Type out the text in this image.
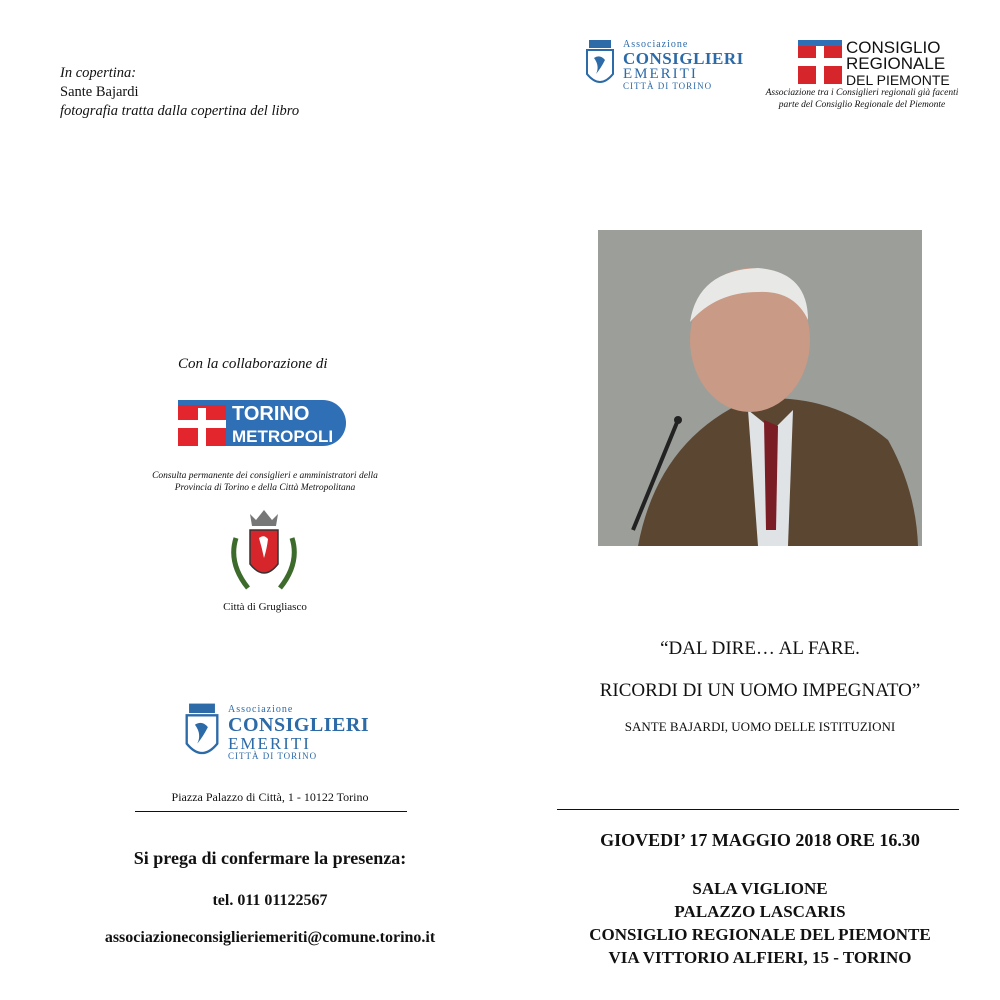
In copertina:
Sante Bajardi
fotografia tratta dalla copertina del libro
Associazione
CONSIGLIERI
EMERITI
CITTÀ DI TORINO
CONSIGLIO
REGIONALE
DEL PIEMONTE
Associazione tra i Consiglieri regionali già facenti parte del Consiglio Regionale del Piemonte
Con la collaborazione di
TORINO
METROPOLI
Consulta permanente dei consiglieri e amministratori della Provincia di Torino e della Città Metropolitana
Città di Grugliasco
Associazione
CONSIGLIERI
EMERITI
CITTÀ DI TORINO
Piazza Palazzo di Città, 1 - 10122 Torino
Si prega di confermare la presenza:
tel. 011 01122567
associazioneconsiglieriemeriti@comune.torino.it
“DAL DIRE… AL FARE.
RICORDI DI UN UOMO IMPEGNATO”
SANTE BAJARDI, UOMO DELLE ISTITUZIONI
GIOVEDI’ 17 MAGGIO 2018 ORE 16.30
SALA VIGLIONE
PALAZZO LASCARIS
CONSIGLIO REGIONALE DEL PIEMONTE
VIA VITTORIO ALFIERI, 15 - TORINO
